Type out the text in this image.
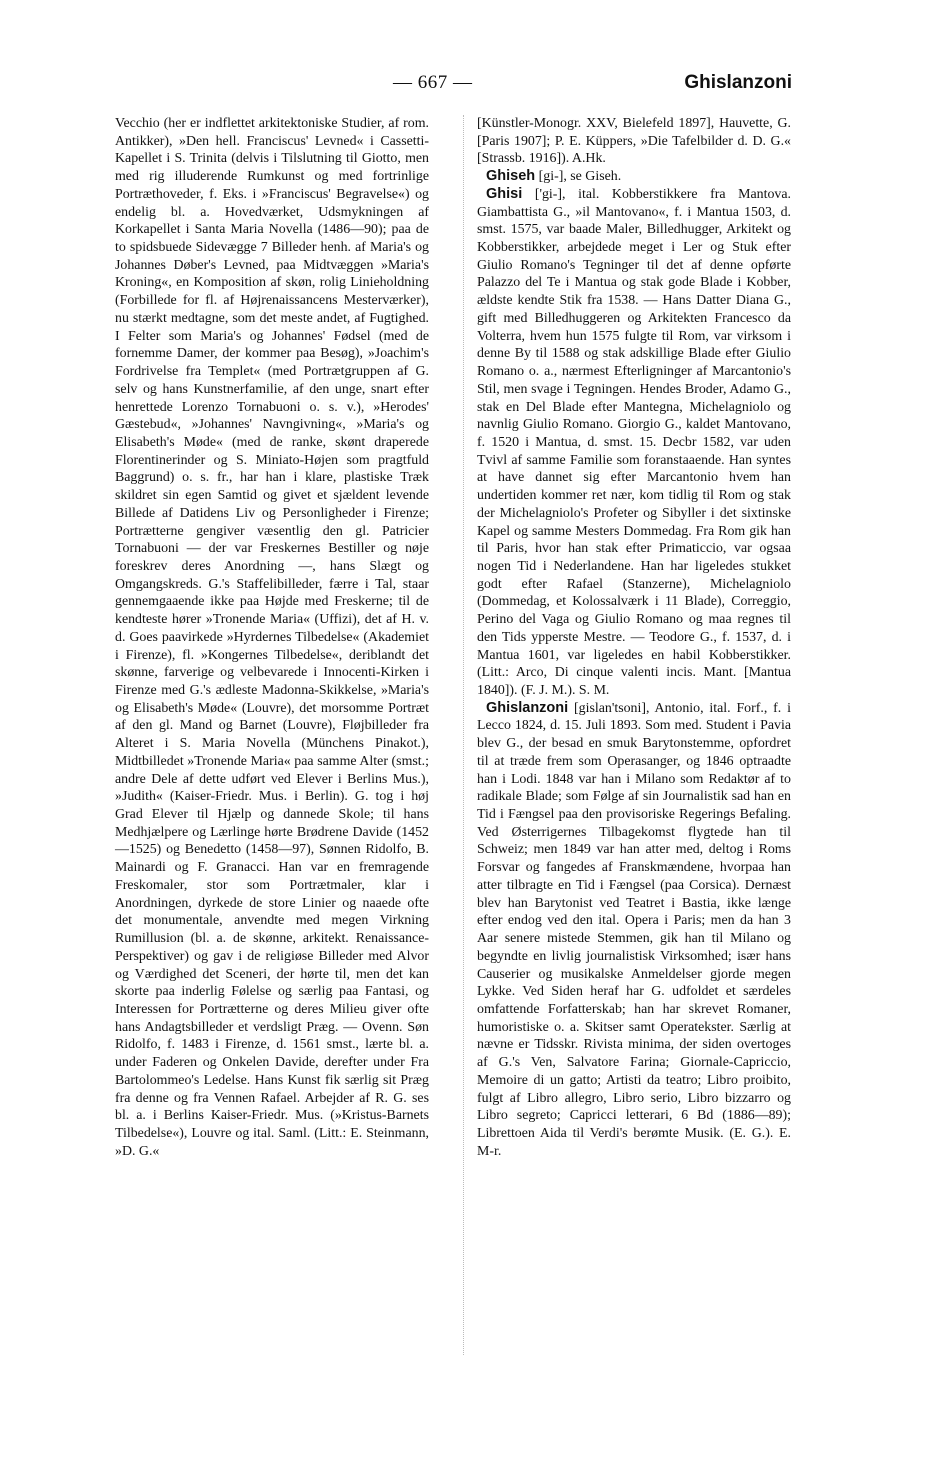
— 667 —	Ghislanzoni

Vecchio (her er indflettet arkitektoniske Studier, af rom. Antikker), »Den hell. Franciscus' Levned« i Cassetti-Kapellet i S. Trinita (delvis i Tilslutning til Giotto, men med rig illuderende Rumkunst og med fortrinlige Portræthoveder, f. Eks. i »Franciscus' Begravelse«) og endelig bl. a. Hovedværket, Udsmykningen af Korkapellet i Santa Maria Novella (1486—90); paa de to spidsbuede Sidevægge 7 Billeder henh. af Maria's og Johannes Døber's Levned, paa Midtvæggen »Maria's Kroning«, en Komposition af skøn, rolig Linieholdning (Forbillede for fl. af Højrenaissancens Mesterværker), nu stærkt medtagne, som det meste andet, af Fugtighed. I Felter som Maria's og Johannes' Fødsel (med de fornemme Damer, der kommer paa Besøg), »Joachim's Fordrivelse fra Templet« (med Portrætgruppen af G. selv og hans Kunstnerfamilie, af den unge, snart efter henrettede Lorenzo Tornabuoni o. s. v.), »Herodes' Gæstebud«, »Johannes' Navngivning«, »Maria's og Elisabeth's Møde« (med de ranke, skønt draperede Florentinerinder og S. Miniato-Højen som pragtfuld Baggrund) o. s. fr., har han i klare, plastiske Træk skildret sin egen Samtid og givet et sjældent levende Billede af Datidens Liv og Personligheder i Firenze; Portrætterne gengiver væsentlig den gl. Patricier Tornabuoni — der var Freskernes Bestiller og nøje foreskrev deres Anordning —, hans Slægt og Omgangskreds. G.'s Staffelibilleder, færre i Tal, staar gennemgaaende ikke paa Højde med Freskerne; til de kendteste hører »Tronende Maria« (Uffizi), det af H. v. d. Goes paavirkede »Hyrdernes Tilbedelse« (Akademiet i Firenze), fl. »Kongernes Tilbedelse«, deriblandt det skønne, farverige og velbevarede i Innocenti-Kirken i Firenze med G.'s ædleste Madonna-Skikkelse, »Maria's og Elisabeth's Møde« (Louvre), det morsomme Portræt af den gl. Mand og Barnet (Louvre), Fløjbilleder fra Alteret i S. Maria Novella (Münchens Pinakot.), Midtbilledet »Tronende Maria« paa samme Alter (smst.; andre Dele af dette udført ved Elever i Berlins Mus.), »Judith« (Kaiser-Friedr. Mus. i Berlin). G. tog i høj Grad Elever til Hjælp og dannede Skole; til hans Medhjælpere og Lærlinge hørte Brødrene Davide (1452—1525) og Benedetto (1458—97), Sønnen Ridolfo, B. Mainardi og F. Granacci. Han var en fremragende Freskomaler, stor som Portrætmaler, klar i Anordningen, dyrkede de store Linier og naaede ofte det monumentale, anvendte med megen Virkning Rumillusion (bl. a. de skønne, arkitekt. Renaissance-Perspektiver) og gav i de religiøse Billeder med Alvor og Værdighed det Sceneri, der hørte til, men det kan skorte paa inderlig Følelse og særlig paa Fantasi, og Interessen for Portrætterne og deres Milieu giver ofte hans Andagtsbilleder et verdsligt Præg. — Ovenn. Søn Ridolfo, f. 1483 i Firenze, d. 1561 smst., lærte bl. a. under Faderen og Onkelen Davide, derefter under Fra Bartolommeo's Ledelse. Hans Kunst fik særlig sit Præg fra denne og fra Vennen Rafael. Arbejder af R. G. ses bl. a. i Berlins Kaiser-Friedr. Mus. (»Kristus-Barnets Tilbedelse«), Louvre og ital. Saml. (Litt.: E. Steinmann, »D. G.«

[Künstler-Monogr. XXV, Bielefeld 1897], Hauvette, G. [Paris 1907]; P. E. Küppers, »Die Tafelbilder d. D. G.« [Strassb. 1916]). A.Hk.

Ghiseh [gi-], se Giseh.

Ghisi ['gi-], ital. Kobberstikkere fra Mantova. Giambattista G., »il Mantovano«, f. i Mantua 1503, d. smst. 1575, var baade Maler, Billedhugger, Arkitekt og Kobberstikker, arbejdede meget i Ler og Stuk efter Giulio Romano's Tegninger til det af denne opførte Palazzo del Te i Mantua og stak gode Blade i Kobber, ældste kendte Stik fra 1538. — Hans Datter Diana G., gift med Billedhuggeren og Arkitekten Francesco da Volterra, hvem hun 1575 fulgte til Rom, var virksom i denne By til 1588 og stak adskillige Blade efter Giulio Romano o. a., nærmest Efterligninger af Marcantonio's Stil, men svage i Tegningen. Hendes Broder, Adamo G., stak en Del Blade efter Mantegna, Michelagniolo og navnlig Giulio Romano. Giorgio G., kaldet Mantovano, f. 1520 i Mantua, d. smst. 15. Decbr 1582, var uden Tvivl af samme Familie som foranstaaende. Han syntes at have dannet sig efter Marcantonio hvem han undertiden kommer ret nær, kom tidlig til Rom og stak der Michelagniolo's Profeter og Sibyller i det sixtinske Kapel og samme Mesters Dommedag. Fra Rom gik han til Paris, hvor han stak efter Primaticcio, var ogsaa nogen Tid i Nederlandene. Han har ligeledes stukket godt efter Rafael (Stanzerne), Michelagniolo (Dommedag, et Kolossalværk i 11 Blade), Correggio, Perino del Vaga og Giulio Romano og maa regnes til den Tids ypperste Mestre. — Teodore G., f. 1537, d. i Mantua 1601, var ligeledes en habil Kobberstikker. (Litt.: Arco, Di cinque valenti incis. Mant. [Mantua 1840]). (F. J. M.). S. M.

Ghislanzoni [gislan'tsoni], Antonio, ital. Forf., f. i Lecco 1824, d. 15. Juli 1893. Som med. Student i Pavia blev G., der besad en smuk Barytonstemme, opfordret til at træde frem som Operasanger, og 1846 optraadte han i Lodi. 1848 var han i Milano som Redaktør af to radikale Blade; som Følge af sin Journalistik sad han en Tid i Fængsel paa den provisoriske Regerings Befaling. Ved Østerrigernes Tilbagekomst flygtede han til Schweiz; men 1849 var han atter med, deltog i Roms Forsvar og fangedes af Franskmændene, hvorpaa han atter tilbragte en Tid i Fængsel (paa Corsica). Dernæst blev han Barytonist ved Teatret i Bastia, ikke længe efter endog ved den ital. Opera i Paris; men da han 3 Aar senere mistede Stemmen, gik han til Milano og begyndte en livlig journalistisk Virksomhed; især hans Causerier og musikalske Anmeldelser gjorde megen Lykke. Ved Siden heraf har G. udfoldet et særdeles omfattende Forfatterskab; han har skrevet Romaner, humoristiske o. a. Skitser samt Operatekster. Særlig at nævne er Tidsskr. Rivista minima, der siden overtoges af G.'s Ven, Salvatore Farina; Giornale-Capriccio, Memoire di un gatto; Artisti da teatro; Libro proibito, fulgt af Libro allegro, Libro serio, Libro bizzarro og Libro segreto; Capricci letterari, 6 Bd (1886—89); Librettoen Aida til Verdi's berømte Musik. (E. G.). E. M-r.
